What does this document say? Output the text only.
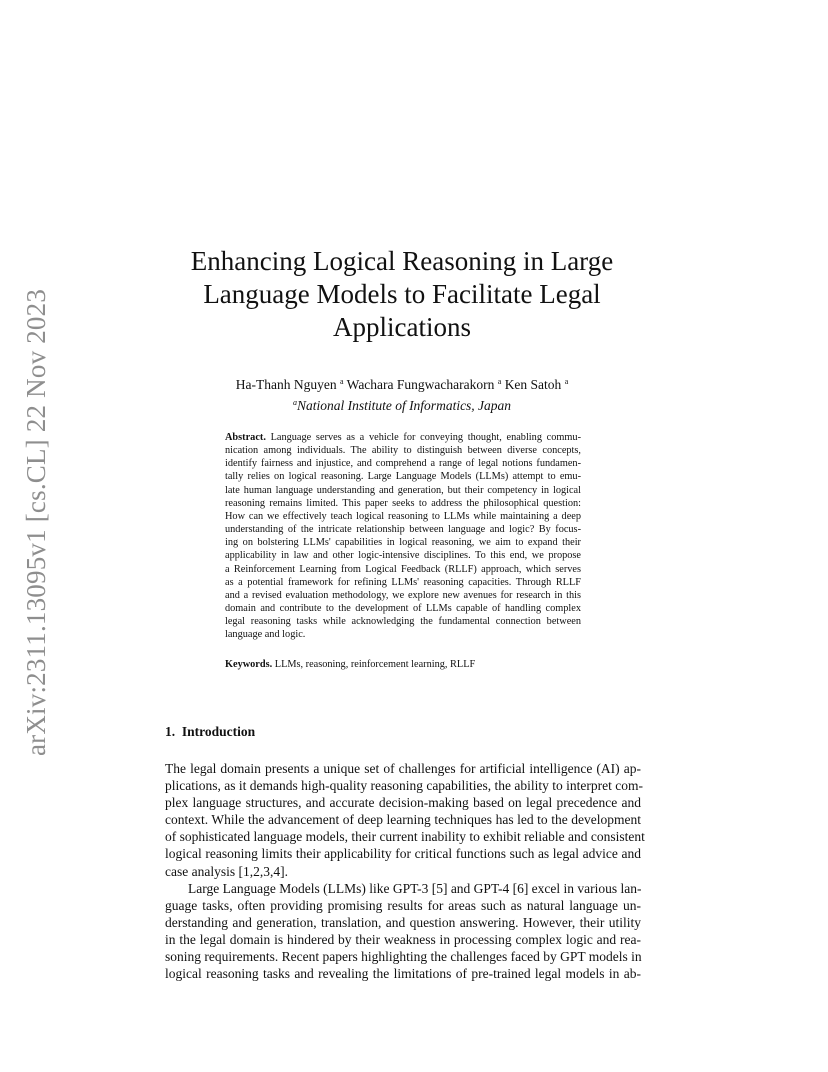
arXiv:2311.13095v1 [cs.CL] 22 Nov 2023
Enhancing Logical Reasoning in Large
Language Models to Facilitate Legal
Applications
Ha-Thanh Nguyen $^a$ Wachara Fungwacharakorn $^a$ Ken Satoh $^a$
$^a$National Institute of Informatics, Japan
Abstract. Language serves as a vehicle for conveying thought, enabling commu-
nication among individuals. The ability to distinguish between diverse concepts,
identify fairness and injustice, and comprehend a range of legal notions fundamen-
tally relies on logical reasoning. Large Language Models (LLMs) attempt to emu-
late human language understanding and generation, but their competency in logical
reasoning remains limited. This paper seeks to address the philosophical question:
How can we effectively teach logical reasoning to LLMs while maintaining a deep
understanding of the intricate relationship between language and logic? By focus-
ing on bolstering LLMs' capabilities in logical reasoning, we aim to expand their
applicability in law and other logic-intensive disciplines. To this end, we propose
a Reinforcement Learning from Logical Feedback (RLLF) approach, which serves
as a potential framework for refining LLMs' reasoning capacities. Through RLLF
and a revised evaluation methodology, we explore new avenues for research in this
domain and contribute to the development of LLMs capable of handling complex
legal reasoning tasks while acknowledging the fundamental connection between
language and logic.
Keywords. LLMs, reasoning, reinforcement learning, RLLF
1. Introduction
The legal domain presents a unique set of challenges for artificial intelligence (AI) ap-
plications, as it demands high-quality reasoning capabilities, the ability to interpret com-
plex language structures, and accurate decision-making based on legal precedence and
context. While the advancement of deep learning techniques has led to the development
of sophisticated language models, their current inability to exhibit reliable and consistent
logical reasoning limits their applicability for critical functions such as legal advice and
case analysis [1,2,3,4].
Large Language Models (LLMs) like GPT-3 [5] and GPT-4 [6] excel in various lan-
guage tasks, often providing promising results for areas such as natural language un-
derstanding and generation, translation, and question answering. However, their utility
in the legal domain is hindered by their weakness in processing complex logic and rea-
soning requirements. Recent papers highlighting the challenges faced by GPT models in
logical reasoning tasks and revealing the limitations of pre-trained legal models in ab-
